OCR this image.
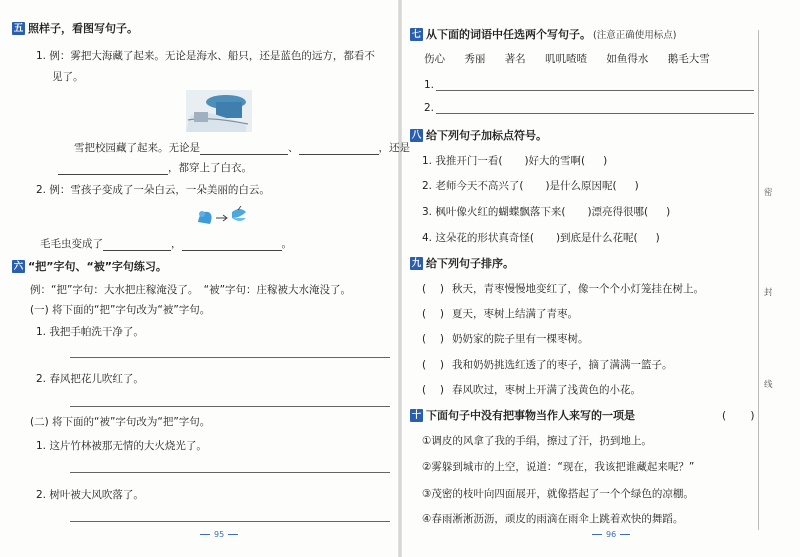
五 照样子，看图写句子。
1. 例：雾把大海藏了起来。无论是海水、船只，还是蓝色的远方，都看不
见了。
雪把校园藏了起来。无论是	、	，还是
，都穿上了白衣。
2. 例：雪孩子变成了一朵白云，一朵美丽的白云。
毛毛虫变成了	，	。
六 “把”字句、“被”字句练习。
例：“把”字句：大水把庄稼淹没了。　“被”字句：庄稼被大水淹没了。
(一) 将下面的“把”字句改为“被”字句。
1. 我把手帕洗干净了。
2. 春风把花儿吹红了。
(二) 将下面的“被”字句改为“把”字句。
1. 这片竹林被那无情的大火烧光了。
2. 树叶被大风吹落了。
95
七 从下面的词语中任选两个写句子。 (注意正确使用标点)
伤心 秀丽 著名 叽叽喳喳 如鱼得水 鹅毛大雪
1.
2.
八 给下列句子加标点符号。
1. 我推开门一看( )好大的雪啊( )
2. 老师今天不高兴了( )是什么原因呢( )
3. 枫叶像火红的蝴蝶飘落下来( )漂亮得很哪( )
4. 这朵花的形状真奇怪( )到底是什么花呢( )
九 给下列句子排序。
(　 ) 秋天，青枣慢慢地变红了，像一个个小灯笼挂在树上。
(　 ) 夏天，枣树上结满了青枣。
(　 ) 奶奶家的院子里有一棵枣树。
(　 ) 我和奶奶挑选红透了的枣子，摘了满满一篮子。
(　 ) 春风吹过，枣树上开满了浅黄色的小花。
十 下面句子中没有把事物当作人来写的一项是	(　　 )
①调皮的风拿了我的手绢，擦过了汗，扔到地上。
②雾躲到城市的上空，说道：“现在，我该把谁藏起来呢？”
③茂密的枝叶向四面展开，就像搭起了一个个绿色的凉棚。
④春雨淅淅沥沥，顽皮的雨滴在雨伞上跳着欢快的舞蹈。
96
密
封
线
